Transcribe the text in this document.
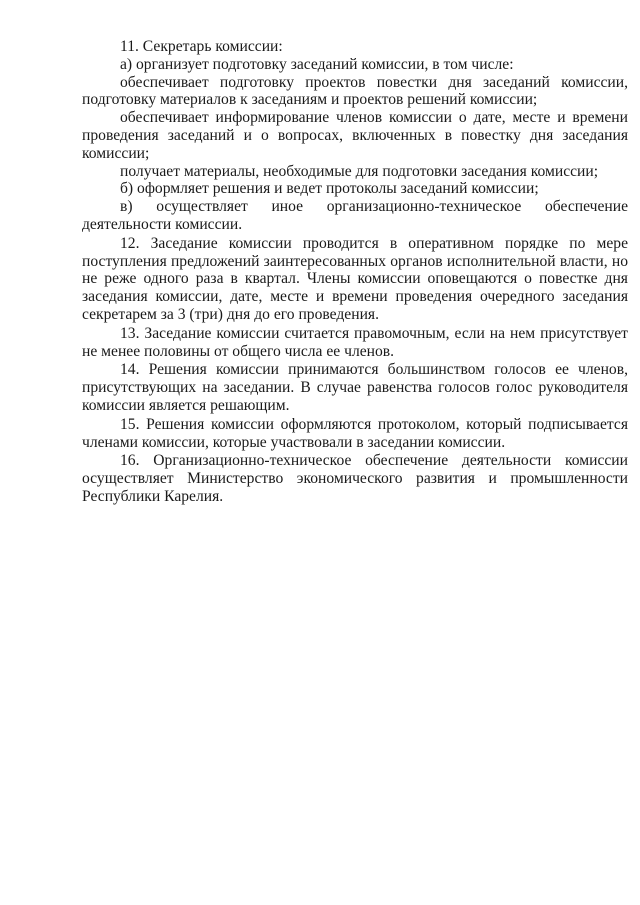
11. Секретарь комиссии:

а) организует подготовку заседаний комиссии, в том числе:

обеспечивает подготовку проектов повестки дня заседаний комиссии, подготовку материалов к заседаниям и проектов решений комиссии;

обеспечивает информирование членов комиссии о дате, месте и времени проведения заседаний и о вопросах, включенных в повестку дня заседания комиссии;

получает материалы, необходимые для подготовки заседания комиссии;

б) оформляет решения и ведет протоколы заседаний комиссии;

в) осуществляет иное организационно-техническое обеспечение деятельности комиссии.

12. Заседание комиссии проводится в оперативном порядке по мере поступления предложений заинтересованных органов исполнительной власти, но не реже одного раза в квартал. Члены комиссии оповещаются о повестке дня заседания комиссии, дате, месте и времени проведения очередного заседания секретарем за 3 (три) дня до его проведения.

13. Заседание комиссии считается правомочным, если на нем присутствует не менее половины от общего числа ее членов.

14. Решения комиссии принимаются большинством голосов ее членов, присутствующих на заседании. В случае равенства голосов голос руководителя комиссии является решающим.

15. Решения комиссии оформляются протоколом, который подписывается членами комиссии, которые участвовали в заседании комиссии.

16. Организационно-техническое обеспечение деятельности комиссии осуществляет Министерство экономического развития и промышленности Республики Карелия.
